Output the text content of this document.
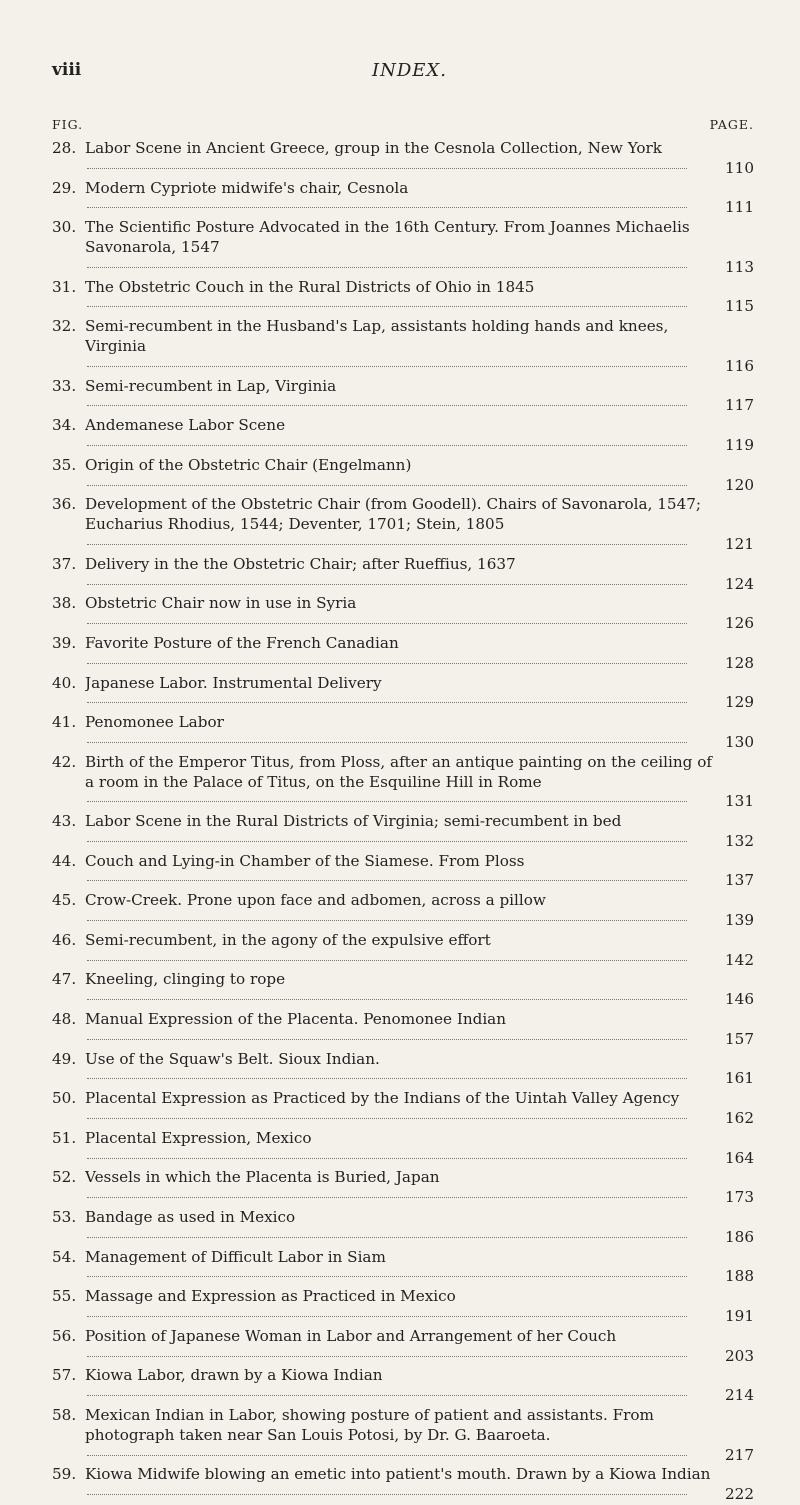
viii	INDEX.
FIG.	PAGE.
28. Labor Scene in Ancient Greece, group in the Cesnola Collection, New York
110
29. Modern Cypriote midwife's chair, Cesnola
111
30. The Scientific Posture Advocated in the 16th Century. From Joannes Michaelis Savonarola, 1547
113
31. The Obstetric Couch in the Rural Districts of Ohio in 1845
115
32. Semi-recumbent in the Husband's Lap, assistants holding hands and knees, Virginia
116
33. Semi-recumbent in Lap, Virginia
117
34. Andemanese Labor Scene
119
35. Origin of the Obstetric Chair (Engelmann)
120
36. Development of the Obstetric Chair (from Goodell). Chairs of Savonarola, 1547; Eucharius Rhodius, 1544; Deventer, 1701; Stein, 1805
121
37. Delivery in the the Obstetric Chair; after Rueffius, 1637
124
38. Obstetric Chair now in use in Syria
126
39. Favorite Posture of the French Canadian
128
40. Japanese Labor. Instrumental Delivery
129
41. Penomonee Labor
130
42. Birth of the Emperor Titus, from Ploss, after an antique painting on the ceiling of a room in the Palace of Titus, on the Esquiline Hill in Rome
131
43. Labor Scene in the Rural Districts of Virginia; semi-recumbent in bed
132
44. Couch and Lying-in Chamber of the Siamese. From Ploss
137
45. Crow-Creek. Prone upon face and adbomen, across a pillow
139
46. Semi-recumbent, in the agony of the expulsive effort
142
47. Kneeling, clinging to rope
146
48. Manual Expression of the Placenta. Penomonee Indian
157
49. Use of the Squaw's Belt. Sioux Indian.
161
50. Placental Expression as Practiced by the Indians of the Uintah Valley Agency
162
51. Placental Expression, Mexico
164
52. Vessels in which the Placenta is Buried, Japan
173
53. Bandage as used in Mexico
186
54. Management of Difficult Labor in Siam
188
55. Massage and Expression as Practiced in Mexico
191
56. Position of Japanese Woman in Labor and Arrangement of her Couch
203
57. Kiowa Labor, drawn by a Kiowa Indian
214
58. Mexican Indian in Labor, showing posture of patient and assistants. From photograph taken near San Louis Potosi, by Dr. G. Baaroeta.
217
59. Kiowa Midwife blowing an emetic into patient's mouth. Drawn by a Kiowa Indian
222
